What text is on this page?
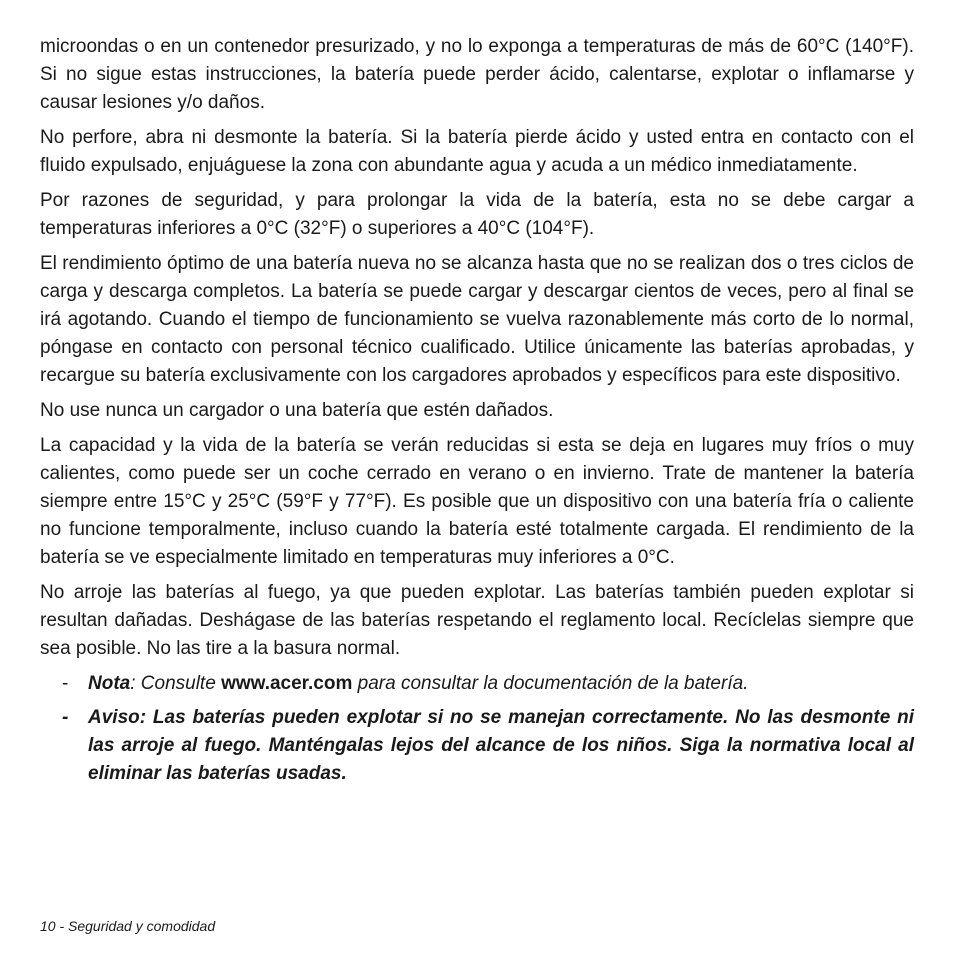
microondas o en un contenedor presurizado, y no lo exponga a temperaturas de más de 60°C (140°F). Si no sigue estas instrucciones, la batería puede perder ácido, calentarse, explotar o inflamarse y causar lesiones y/o daños.

No perfore, abra ni desmonte la batería. Si la batería pierde ácido y usted entra en contacto con el fluido expulsado, enjuáguese la zona con abundante agua y acuda a un médico inmediatamente.

Por razones de seguridad, y para prolongar la vida de la batería, esta no se debe cargar a temperaturas inferiores a 0°C (32°F) o superiores a 40°C (104°F).

El rendimiento óptimo de una batería nueva no se alcanza hasta que no se realizan dos o tres ciclos de carga y descarga completos. La batería se puede cargar y descargar cientos de veces, pero al final se irá agotando. Cuando el tiempo de funcionamiento se vuelva razonablemente más corto de lo normal, póngase en contacto con personal técnico cualificado. Utilice únicamente las baterías aprobadas, y recargue su batería exclusivamente con los cargadores aprobados y específicos para este dispositivo.

No use nunca un cargador o una batería que estén dañados.

La capacidad y la vida de la batería se verán reducidas si esta se deja en lugares muy fríos o muy calientes, como puede ser un coche cerrado en verano o en invierno. Trate de mantener la batería siempre entre 15°C y 25°C (59°F y 77°F). Es posible que un dispositivo con una batería fría o caliente no funcione temporalmente, incluso cuando la batería esté totalmente cargada. El rendimiento de la batería se ve especialmente limitado en temperaturas muy inferiores a 0°C.

No arroje las baterías al fuego, ya que pueden explotar. Las baterías también pueden explotar si resultan dañadas. Deshágase de las baterías respetando el reglamento local. Recíclelas siempre que sea posible. No las tire a la basura normal.

- Nota: Consulte www.acer.com para consultar la documentación de la batería.
- Aviso: Las baterías pueden explotar si no se manejan correctamente. No las desmonte ni las arroje al fuego. Manténgalas lejos del alcance de los niños. Siga la normativa local al eliminar las baterías usadas.
10 - Seguridad y comodidad
